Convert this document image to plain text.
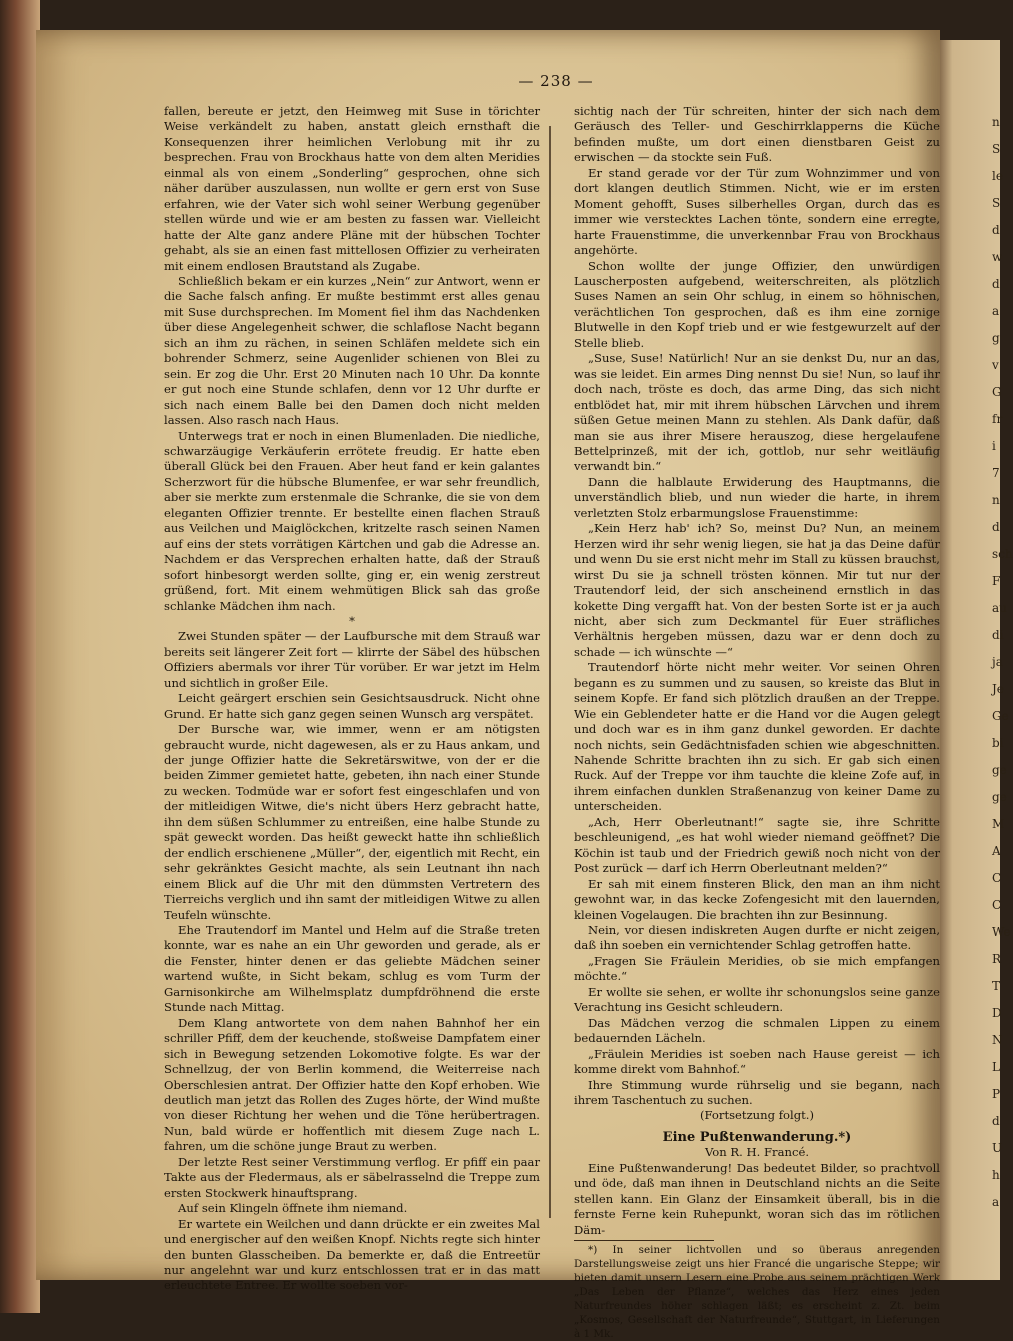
n
S
le
S
d
w
d
a
g
v
G
fr
i
7
n
d
sch
F
au
di
ja
Je
Ge
bi
ge
ge
M
A
C
C
We
R
T
D
N
L
P
d
U
h
a
— 238 —

fallen, bereute er jetzt, den Heimweg mit Suse in törichter Weise verkändelt zu haben, anstatt gleich ernsthaft die Konsequenzen ihrer heimlichen Verlobung mit ihr zu besprechen. Frau von Brockhaus hatte von dem alten Meridies einmal als von einem „Sonderling“ gesprochen, ohne sich näher darüber auszulassen, nun wollte er gern erst von Suse erfahren, wie der Vater sich wohl seiner Werbung gegenüber stellen würde und wie er am besten zu fassen war. Vielleicht hatte der Alte ganz andere Pläne mit der hübschen Tochter gehabt, als sie an einen fast mittellosen Offizier zu verheiraten mit einem endlosen Brautstand als Zugabe.

Schließlich bekam er ein kurzes „Nein“ zur Antwort, wenn er die Sache falsch anfing. Er mußte bestimmt erst alles genau mit Suse durchsprechen. Im Moment fiel ihm das Nachdenken über diese Angelegenheit schwer, die schlaflose Nacht begann sich an ihm zu rächen, in seinen Schläfen meldete sich ein bohrender Schmerz, seine Augenlider schienen von Blei zu sein. Er zog die Uhr. Erst 20 Minuten nach 10 Uhr. Da konnte er gut noch eine Stunde schlafen, denn vor 12 Uhr durfte er sich nach einem Balle bei den Damen doch nicht melden lassen. Also rasch nach Haus.

Unterwegs trat er noch in einen Blumenladen. Die niedliche, schwarzäugige Verkäuferin errötete freudig. Er hatte eben überall Glück bei den Frauen. Aber heut fand er kein galantes Scherzwort für die hübsche Blumenfee, er war sehr freundlich, aber sie merkte zum erstenmale die Schranke, die sie von dem eleganten Offizier trennte. Er bestellte einen flachen Strauß aus Veilchen und Maiglöckchen, kritzelte rasch seinen Namen auf eins der stets vorrätigen Kärtchen und gab die Adresse an. Nachdem er das Versprechen erhalten hatte, daß der Strauß sofort hinbesorgt werden sollte, ging er, ein wenig zerstreut grüßend, fort. Mit einem wehmütigen Blick sah das große schlanke Mädchen ihm nach.

*

Zwei Stunden später — der Laufbursche mit dem Strauß war bereits seit längerer Zeit fort — klirrte der Säbel des hübschen Offiziers abermals vor ihrer Tür vorüber. Er war jetzt im Helm und sichtlich in großer Eile.

Leicht geärgert erschien sein Gesichtsausdruck. Nicht ohne Grund. Er hatte sich ganz gegen seinen Wunsch arg verspätet.

Der Bursche war, wie immer, wenn er am nötigsten gebraucht wurde, nicht dagewesen, als er zu Haus ankam, und der junge Offizier hatte die Sekretärswitwe, von der er die beiden Zimmer gemietet hatte, gebeten, ihn nach einer Stunde zu wecken. Todmüde war er sofort fest eingeschlafen und von der mitleidigen Witwe, die's nicht übers Herz gebracht hatte, ihn dem süßen Schlummer zu entreißen, eine halbe Stunde zu spät geweckt worden. Das heißt geweckt hatte ihn schließlich der endlich erschienene „Müller“, der, eigentlich mit Recht, ein sehr gekränktes Gesicht machte, als sein Leutnant ihn nach einem Blick auf die Uhr mit den dümmsten Vertretern des Tierreichs verglich und ihn samt der mitleidigen Witwe zu allen Teufeln wünschte.

Ehe Trautendorf im Mantel und Helm auf die Straße treten konnte, war es nahe an ein Uhr geworden und gerade, als er die Fenster, hinter denen er das geliebte Mädchen seiner wartend wußte, in Sicht bekam, schlug es vom Turm der Garnisonkirche am Wilhelmsplatz dumpfdröhnend die erste Stunde nach Mittag.

Dem Klang antwortete von dem nahen Bahnhof her ein schriller Pfiff, dem der keuchende, stoßweise Dampfatem einer sich in Bewegung setzenden Lokomotive folgte. Es war der Schnellzug, der von Berlin kommend, die Weiterreise nach Oberschlesien antrat. Der Offizier hatte den Kopf erhoben. Wie deutlich man jetzt das Rollen des Zuges hörte, der Wind mußte von dieser Richtung her wehen und die Töne herübertragen. Nun, bald würde er hoffentlich mit diesem Zuge nach L. fahren, um die schöne junge Braut zu werben.

Der letzte Rest seiner Verstimmung verflog. Er pfiff ein paar Takte aus der Fledermaus, als er säbelrasselnd die Treppe zum ersten Stockwerk hinauftsprang.

Auf sein Klingeln öffnete ihm niemand.

Er wartete ein Weilchen und dann drückte er ein zweites Mal und energischer auf den weißen Knopf. Nichts regte sich hinter den bunten Glasscheiben. Da bemerkte er, daß die Entreetür nur angelehnt war und kurz entschlossen trat er in das matt erleuchtete Entree. Er wollte soeben vor-

sichtig nach der Tür schreiten, hinter der sich nach dem Geräusch des Teller- und Geschirrklapperns die Küche befinden mußte, um dort einen dienstbaren Geist zu erwischen — da stockte sein Fuß.

Er stand gerade vor der Tür zum Wohnzimmer und von dort klangen deutlich Stimmen. Nicht, wie er im ersten Moment gehofft, Suses silberhelles Organ, durch das es immer wie verstecktes Lachen tönte, sondern eine erregte, harte Frauenstimme, die unverkennbar Frau von Brockhaus angehörte.

Schon wollte der junge Offizier, den unwürdigen Lauscherposten aufgebend, weiterschreiten, als plötzlich Suses Namen an sein Ohr schlug, in einem so höhnischen, verächtlichen Ton gesprochen, daß es ihm eine zornige Blutwelle in den Kopf trieb und er wie festgewurzelt auf der Stelle blieb.

„Suse, Suse! Natürlich! Nur an sie denkst Du, nur an das, was sie leidet. Ein armes Ding nennst Du sie! Nun, so lauf ihr doch nach, tröste es doch, das arme Ding, das sich nicht entblödet hat, mir mit ihrem hübschen Lärvchen und ihrem süßen Getue meinen Mann zu stehlen. Als Dank dafür, daß man sie aus ihrer Misere herauszog, diese hergelaufene Bettelprinzeß, mit der ich, gottlob, nur sehr weitläufig verwandt bin.“

Dann die halblaute Erwiderung des Hauptmanns, die unverständlich blieb, und nun wieder die harte, in ihrem verletzten Stolz erbarmungslose Frauenstimme:

„Kein Herz hab' ich? So, meinst Du? Nun, an meinem Herzen wird ihr sehr wenig liegen, sie hat ja das Deine dafür und wenn Du sie erst nicht mehr im Stall zu küssen brauchst, wirst Du sie ja schnell trösten können. Mir tut nur der Trautendorf leid, der sich anscheinend ernstlich in das kokette Ding vergafft hat. Von der besten Sorte ist er ja auch nicht, aber sich zum Deckmantel für Euer sträfliches Verhältnis hergeben müssen, dazu war er denn doch zu schade — ich wünschte —“

Trautendorf hörte nicht mehr weiter. Vor seinen Ohren begann es zu summen und zu sausen, so kreiste das Blut in seinem Kopfe. Er fand sich plötzlich draußen an der Treppe. Wie ein Geblendeter hatte er die Hand vor die Augen gelegt und doch war es in ihm ganz dunkel geworden. Er dachte noch nichts, sein Gedächtnisfaden schien wie abgeschnitten. Nahende Schritte brachten ihn zu sich. Er gab sich einen Ruck. Auf der Treppe vor ihm tauchte die kleine Zofe auf, in ihrem einfachen dunklen Straßenanzug von keiner Dame zu unterscheiden.

„Ach, Herr Oberleutnant!“ sagte sie, ihre Schritte beschleunigend, „es hat wohl wieder niemand geöffnet? Die Köchin ist taub und der Friedrich gewiß noch nicht von der Post zurück — darf ich Herrn Oberleutnant melden?“

Er sah mit einem finsteren Blick, den man an ihm nicht gewohnt war, in das kecke Zofengesicht mit den lauernden, kleinen Vogelaugen. Die brachten ihn zur Besinnung.

Nein, vor diesen indiskreten Augen durfte er nicht zeigen, daß ihn soeben ein vernichtender Schlag getroffen hatte.

„Fragen Sie Fräulein Meridies, ob sie mich empfangen möchte.“

Er wollte sie sehen, er wollte ihr schonungslos seine ganze Verachtung ins Gesicht schleudern.

Das Mädchen verzog die schmalen Lippen zu einem bedauernden Lächeln.

„Fräulein Meridies ist soeben nach Hause gereist — ich komme direkt vom Bahnhof.“

Ihre Stimmung wurde rührselig und sie begann, nach ihrem Taschentuch zu suchen.

(Fortsetzung folgt.)

Eine Pußtenwanderung.*)

Von R. H. Francé.

Eine Pußtenwanderung! Das bedeutet Bilder, so prachtvoll und öde, daß man ihnen in Deutschland nichts an die Seite stellen kann. Ein Glanz der Einsamkeit überall, bis in die fernste Ferne kein Ruhepunkt, woran sich das im rötlichen Däm-

*) In seiner lichtvollen und so überaus anregenden Darstellungsweise zeigt uns hier Francé die ungarische Steppe; wir bieten damit unsern Lesern eine Probe aus seinem prächtigen Werk „Das Leben der Pflanze“, welches das Herz eines jeden Naturfreundes höher schlagen läßt; es erscheint z. Zt. beim „Kosmos, Gesellschaft der Naturfreunde“, Stuttgart, in Lieferungen à 1 Mk.
